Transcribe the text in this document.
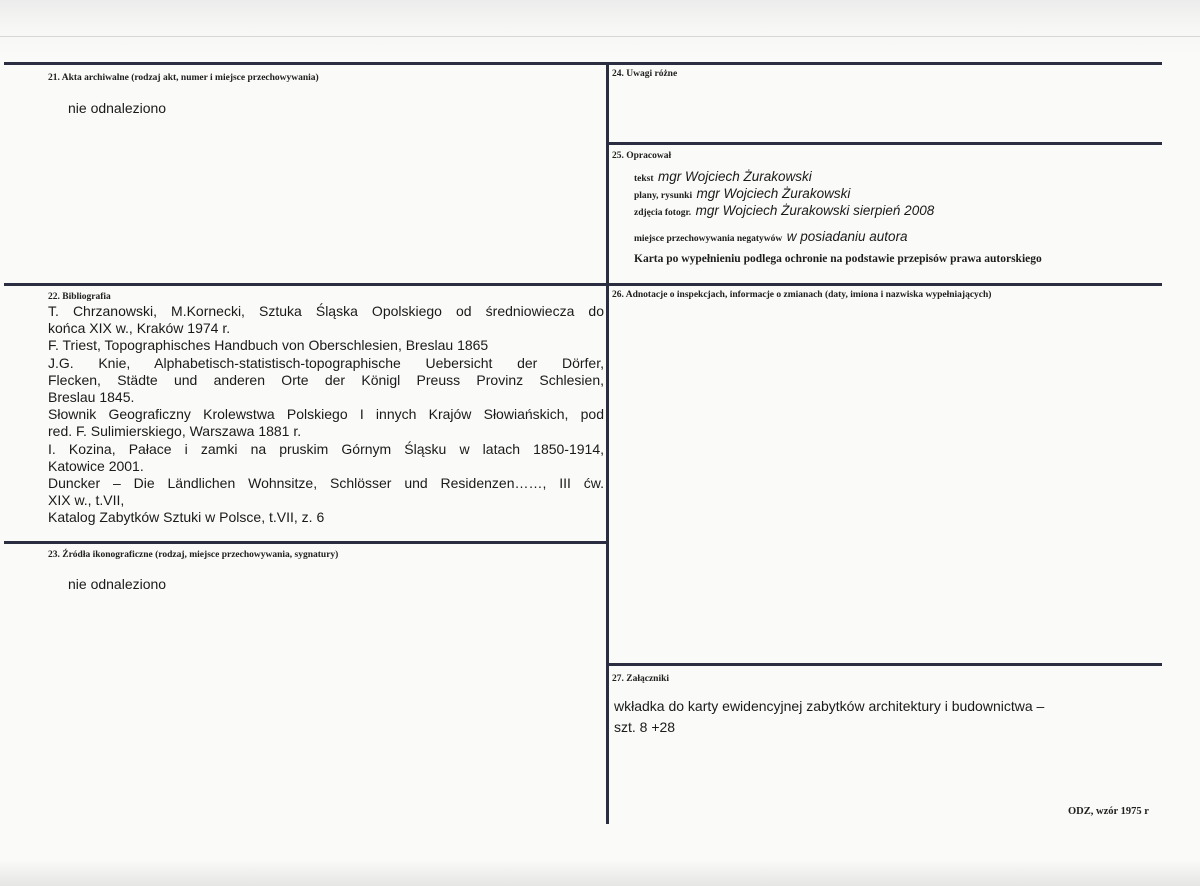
21. Akta archiwalne (rodzaj akt, numer i miejsce przechowywania)
nie odnaleziono
24. Uwagi różne
25. Opracował
tekst mgr Wojciech Żurakowski
plany, rysunki mgr Wojciech Żurakowski
zdjęcia fotogr. mgr Wojciech Żurakowski sierpień 2008
miejsce przechowywania negatywów w posiadaniu autora
Karta po wypełnieniu podlega ochronie na podstawie przepisów prawa autorskiego
22. Bibliografia
T. Chrzanowski, M.Kornecki, Sztuka Śląska Opolskiego od średniowiecza do
końca XIX w., Kraków 1974 r.
F. Triest, Topographisches Handbuch von Oberschlesien, Breslau 1865
J.G. Knie, Alphabetisch-statistisch-topographische Uebersicht der Dörfer,
Flecken, Städte und anderen Orte der Königl Preuss Provinz Schlesien,
Breslau 1845.
Słownik Geograficzny Krolewstwa Polskiego I innych Krajów Słowiańskich, pod
red. F. Sulimierskiego, Warszawa 1881 r.
I. Kozina, Pałace i zamki na pruskim Górnym Śląsku w latach 1850-1914,
Katowice 2001.
Duncker – Die Ländlichen Wohnsitze, Schlösser und Residenzen……, III ćw.
XIX w., t.VII,
Katalog Zabytków Sztuki w Polsce, t.VII, z. 6
26. Adnotacje o inspekcjach, informacje o zmianach (daty, imiona i nazwiska wypełniających)
23. Źródła ikonograficzne (rodzaj, miejsce przechowywania, sygnatury)
nie odnaleziono
27. Załączniki
wkładka do karty ewidencyjnej zabytków architektury i budownictwa –
szt. 8 +28
ODZ, wzór 1975 r
